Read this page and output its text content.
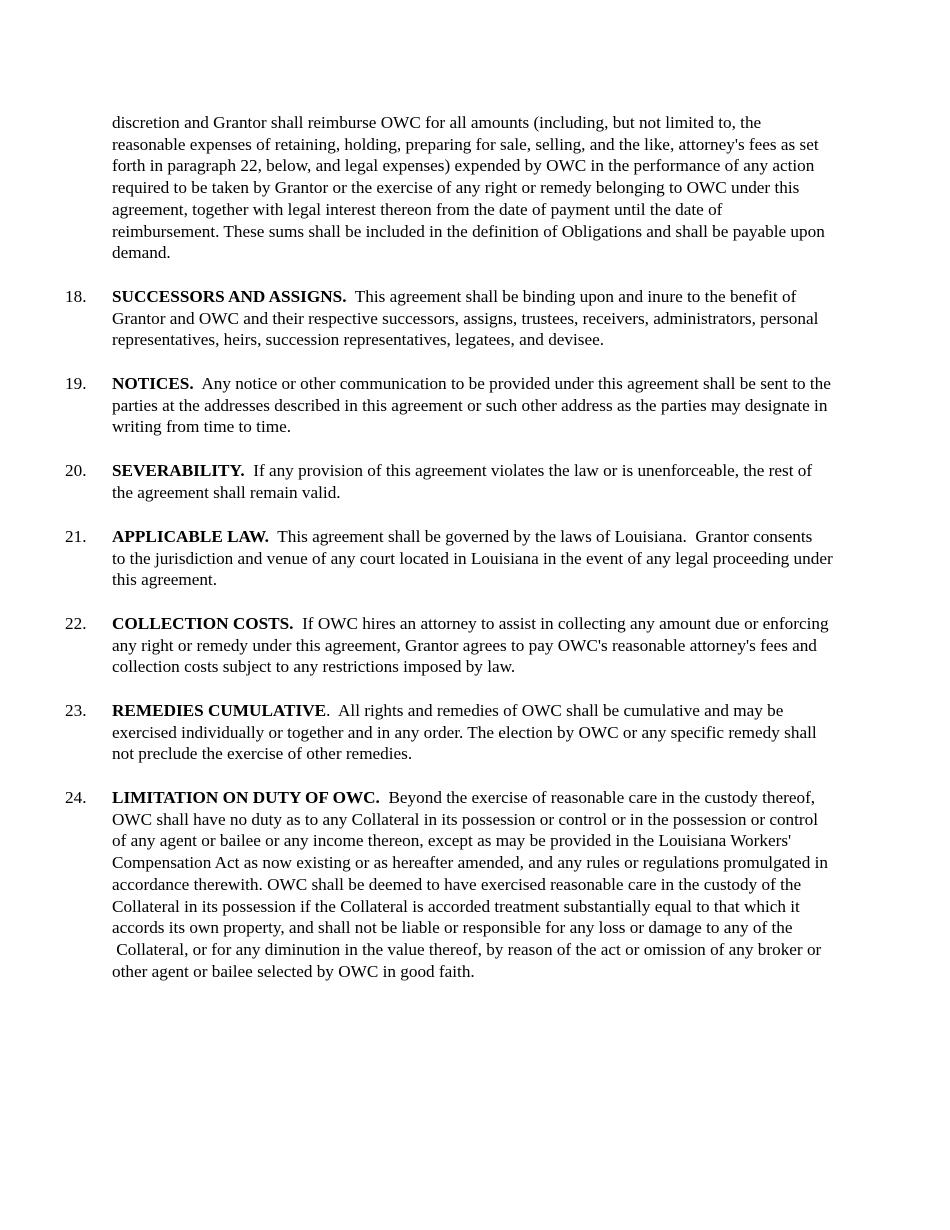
discretion and Grantor shall reimburse OWC for all amounts (including, but not limited to, the
reasonable expenses of retaining, holding, preparing for sale, selling, and the like, attorney's fees as set
forth in paragraph 22, below, and legal expenses) expended by OWC in the performance of any action
required to be taken by Grantor or the exercise of any right or remedy belonging to OWC under this
agreement, together with legal interest thereon from the date of payment until the date of
reimbursement. These sums shall be included in the definition of Obligations and shall be payable upon
demand.
18. SUCCESSORS AND ASSIGNS.  This agreement shall be binding upon and inure to the benefit of
Grantor and OWC and their respective successors, assigns, trustees, receivers, administrators, personal
representatives, heirs, succession representatives, legatees, and devisee.
19. NOTICES.  Any notice or other communication to be provided under this agreement shall be sent to the
parties at the addresses described in this agreement or such other address as the parties may designate in
writing from time to time.
20. SEVERABILITY.  If any provision of this agreement violates the law or is unenforceable, the rest of
the agreement shall remain valid.
21. APPLICABLE LAW.  This agreement shall be governed by the laws of Louisiana.  Grantor consents
to the jurisdiction and venue of any court located in Louisiana in the event of any legal proceeding under
this agreement.
22. COLLECTION COSTS.  If OWC hires an attorney to assist in collecting any amount due or enforcing
any right or remedy under this agreement, Grantor agrees to pay OWC's reasonable attorney's fees and
collection costs subject to any restrictions imposed by law.
23. REMEDIES CUMULATIVE.  All rights and remedies of OWC shall be cumulative and may be
exercised individually or together and in any order. The election by OWC or any specific remedy shall
not preclude the exercise of other remedies.
24. LIMITATION ON DUTY OF OWC.  Beyond the exercise of reasonable care in the custody thereof,
OWC shall have no duty as to any Collateral in its possession or control or in the possession or control
of any agent or bailee or any income thereon, except as may be provided in the Louisiana Workers'
Compensation Act as now existing or as hereafter amended, and any rules or regulations promulgated in
accordance therewith. OWC shall be deemed to have exercised reasonable care in the custody of the
Collateral in its possession if the Collateral is accorded treatment substantially equal to that which it
accords its own property, and shall not be liable or responsible for any loss or damage to any of the
Collateral, or for any diminution in the value thereof, by reason of the act or omission of any broker or
other agent or bailee selected by OWC in good faith.
